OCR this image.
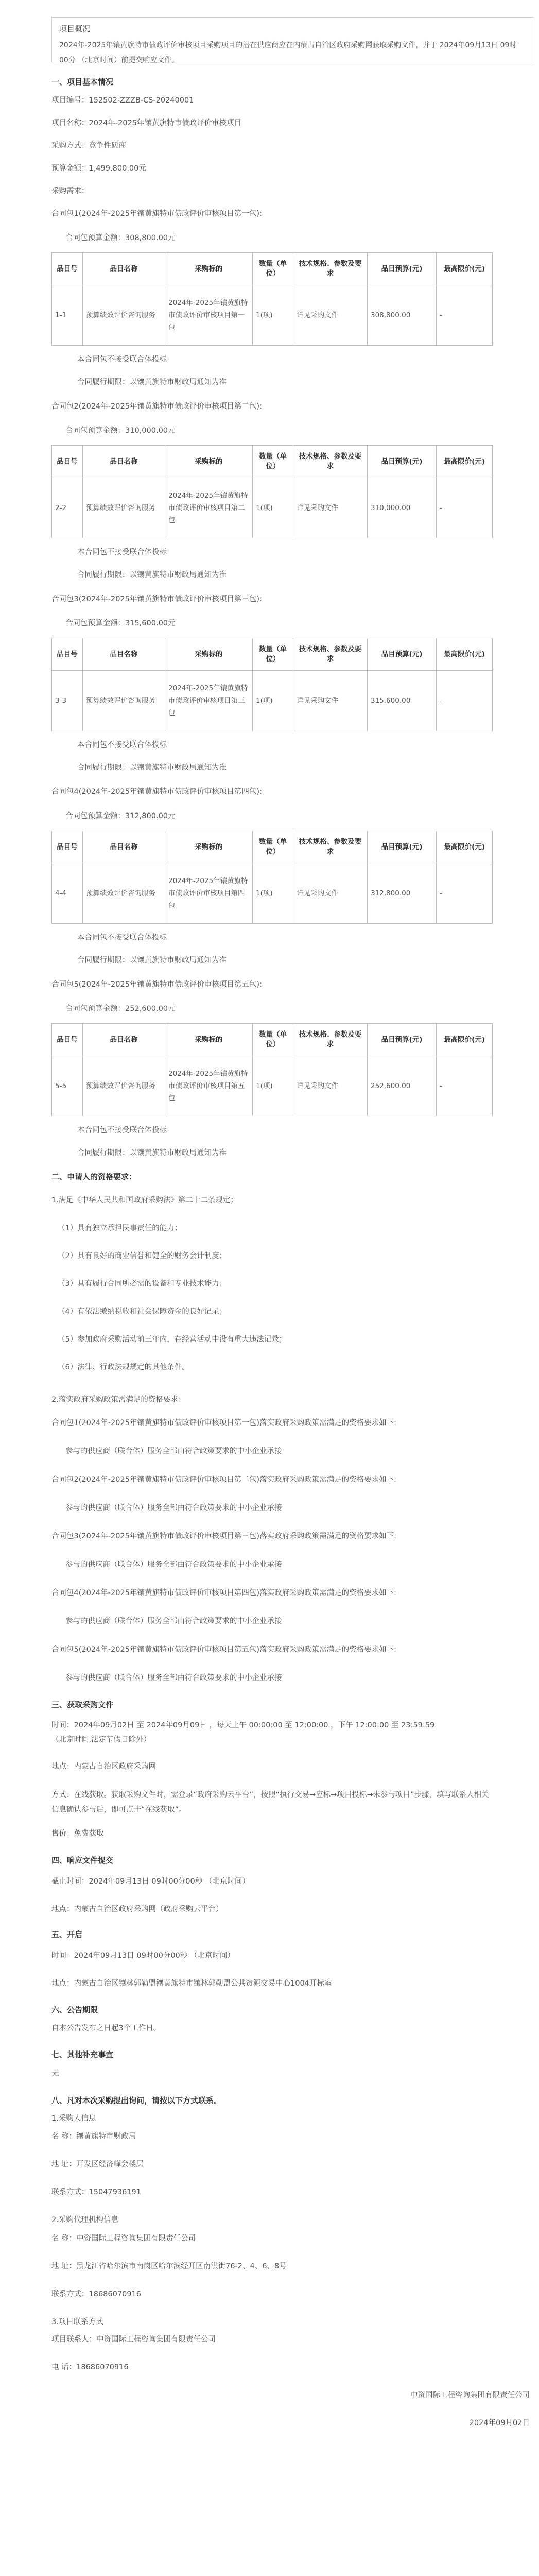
项目概况
2024年-2025年镶黄旗特市债政评价审核项目采购项目的潜在供应商应在内蒙古自治区政府采购网获取采购文件，并于 2024年09月13日 09时00分 （北京时间）前提交响应文件。
一、项目基本情况
项目编号：152502-ZZZB-CS-20240001
项目名称：2024年-2025年镶黄旗特市债政评价审核项目
采购方式：竞争性磋商
预算金额：1,499,800.00元
采购需求：
合同包1(2024年-2025年镶黄旗特市债政评价审核项目第一包):
合同包预算金额：308,800.00元
品目号	品目名称	采购标的	数量（单位）	技术规格、参数及要求	品目预算(元)	最高限价(元)
1-1	预算绩效评价咨询服务	2024年-2025年镶黄旗特市债政评价审核项目第一包	1(项)	详见采购文件	308,800.00	-
本合同包不接受联合体投标
合同履行期限：以镶黄旗特市财政局通知为准
合同包2(2024年-2025年镶黄旗特市债政评价审核项目第二包):
合同包预算金额：310,000.00元
品目号	品目名称	采购标的	数量（单位）	技术规格、参数及要求	品目预算(元)	最高限价(元)
2-2	预算绩效评价咨询服务	2024年-2025年镶黄旗特市债政评价审核项目第二包	1(项)	详见采购文件	310,000.00	-
本合同包不接受联合体投标
合同履行期限：以镶黄旗特市财政局通知为准
合同包3(2024年-2025年镶黄旗特市债政评价审核项目第三包):
合同包预算金额：315,600.00元
品目号	品目名称	采购标的	数量（单位）	技术规格、参数及要求	品目预算(元)	最高限价(元)
3-3	预算绩效评价咨询服务	2024年-2025年镶黄旗特市债政评价审核项目第三包	1(项)	详见采购文件	315,600.00	-
本合同包不接受联合体投标
合同履行期限：以镶黄旗特市财政局通知为准
合同包4(2024年-2025年镶黄旗特市债政评价审核项目第四包):
合同包预算金额：312,800.00元
品目号	品目名称	采购标的	数量（单位）	技术规格、参数及要求	品目预算(元)	最高限价(元)
4-4	预算绩效评价咨询服务	2024年-2025年镶黄旗特市债政评价审核项目第四包	1(项)	详见采购文件	312,800.00	-
本合同包不接受联合体投标
合同履行期限：以镶黄旗特市财政局通知为准
合同包5(2024年-2025年镶黄旗特市债政评价审核项目第五包):
合同包预算金额：252,600.00元
品目号	品目名称	采购标的	数量（单位）	技术规格、参数及要求	品目预算(元)	最高限价(元)
5-5	预算绩效评价咨询服务	2024年-2025年镶黄旗特市债政评价审核项目第五包	1(项)	详见采购文件	252,600.00	-
本合同包不接受联合体投标
合同履行期限：以镶黄旗特市财政局通知为准
二、申请人的资格要求：
1.满足《中华人民共和国政府采购法》第二十二条规定；
（1）具有独立承担民事责任的能力；
（2）具有良好的商业信誉和健全的财务会计制度；
（3）具有履行合同所必需的设备和专业技术能力；
（4）有依法缴纳税收和社会保障资金的良好记录；
（5）参加政府采购活动前三年内，在经营活动中没有重大违法记录；
（6）法律、行政法规规定的其他条件。
2.落实政府采购政策需满足的资格要求：
合同包1(2024年-2025年镶黄旗特市债政评价审核项目第一包)落实政府采购政策需满足的资格要求如下:
参与的供应商（联合体）服务全部由符合政策要求的中小企业承接
合同包2(2024年-2025年镶黄旗特市债政评价审核项目第二包)落实政府采购政策需满足的资格要求如下:
参与的供应商（联合体）服务全部由符合政策要求的中小企业承接
合同包3(2024年-2025年镶黄旗特市债政评价审核项目第三包)落实政府采购政策需满足的资格要求如下:
参与的供应商（联合体）服务全部由符合政策要求的中小企业承接
合同包4(2024年-2025年镶黄旗特市债政评价审核项目第四包)落实政府采购政策需满足的资格要求如下:
参与的供应商（联合体）服务全部由符合政策要求的中小企业承接
合同包5(2024年-2025年镶黄旗特市债政评价审核项目第五包)落实政府采购政策需满足的资格要求如下:
参与的供应商（联合体）服务全部由符合政策要求的中小企业承接
三、获取采购文件
时间：2024年09月02日 至 2024年09月09日 ，每天上午 00:00:00 至 12:00:00 ，下午 12:00:00 至 23:59:59
（北京时间,法定节假日除外）
地点：内蒙古自治区政府采购网
方式：在线获取。获取采购文件时，需登录“政府采购云平台”，按照“执行交易→应标→项目投标→未参与项目”步骤，填写联系人相关信息确认参与后，即可点击“在线获取”。
售价：免费获取
四、响应文件提交
截止时间：2024年09月13日 09时00分00秒 （北京时间）
地点：内蒙古自治区政府采购网（政府采购云平台）
五、开启
时间：2024年09月13日 09时00分00秒 （北京时间）
地点：内蒙古自治区镶林郭勒盟镶黄旗特市镶林郭勒盟公共资源交易中心1004开标室
六、公告期限
自本公告发布之日起3个工作日。
七、其他补充事宜
无
八、凡对本次采购提出询问，请按以下方式联系。
1.采购人信息
名 称：镶黄旗特市财政局
地 址：开发区经济峰会楼层
联系方式：15047936191
2.采购代理机构信息
名 称：中资国际工程咨询集团有限责任公司
地 址：黑龙江省哈尔滨市南岗区哈尔滨经开区南洪街76-2、4、6、8号
联系方式：18686070916
3.项目联系方式
项目联系人：中资国际工程咨询集团有限责任公司
电 话：18686070916
中资国际工程咨询集团有限责任公司
2024年09月02日
